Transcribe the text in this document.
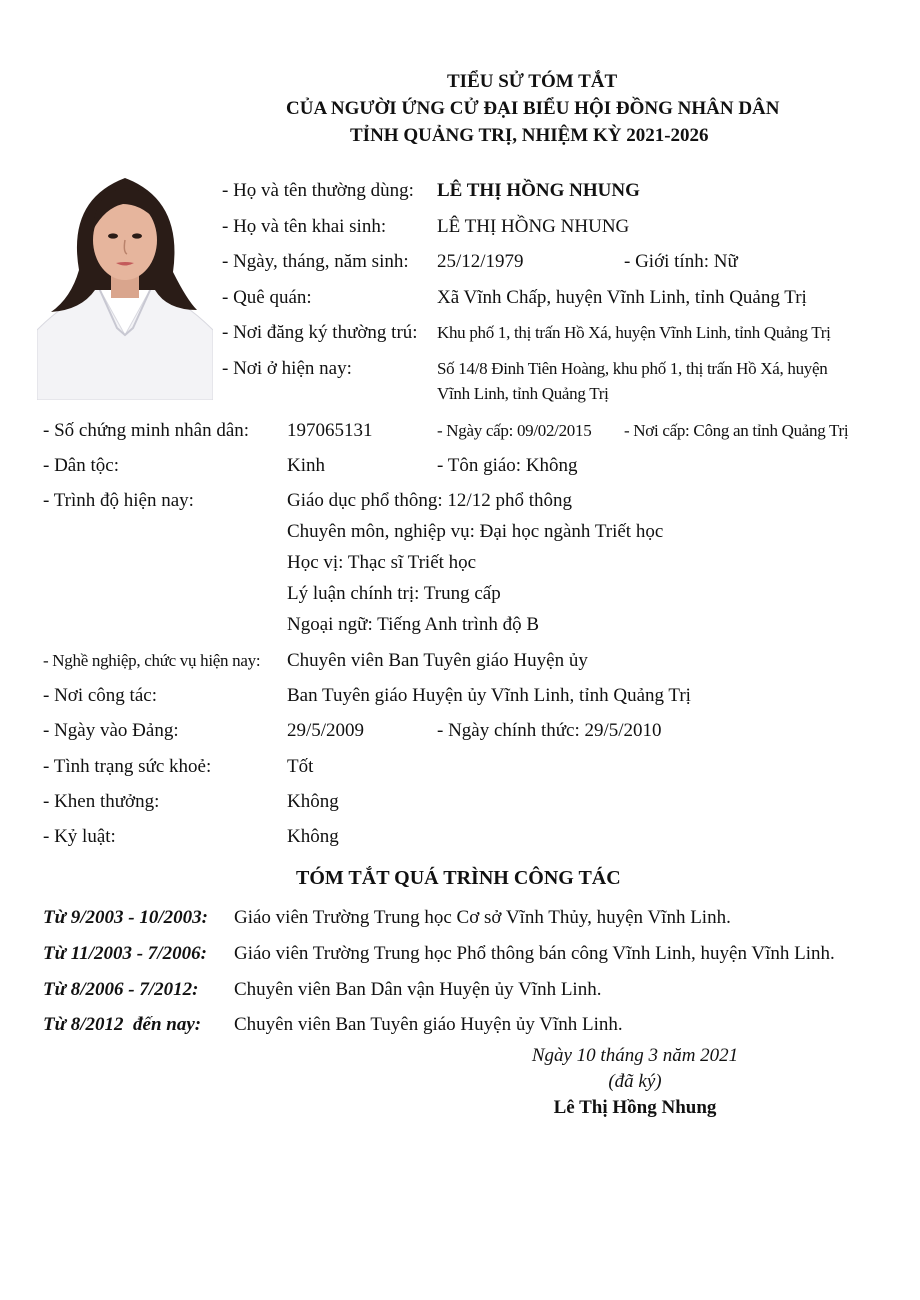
TIỂU SỬ TÓM TẮT
CỦA NGƯỜI ỨNG CỬ ĐẠI BIỂU HỘI ĐỒNG NHÂN DÂN
TỈNH QUẢNG TRỊ, NHIỆM KỲ 2021-2026
- Họ và tên thường dùng: LÊ THỊ HỒNG NHUNG
- Họ và tên khai sinh:	LÊ THỊ HỒNG NHUNG
- Ngày, tháng, năm sinh: 25/12/1979	- Giới tính: Nữ
- Quê quán:	Xã Vĩnh Chấp, huyện Vĩnh Linh, tỉnh Quảng Trị
- Nơi đăng ký thường trú: Khu phố 1, thị trấn Hồ Xá, huyện Vĩnh Linh, tỉnh Quảng Trị
- Nơi ở hiện nay:	Số 14/8 Đinh Tiên Hoàng, khu phố 1, thị trấn Hồ Xá, huyện
Vĩnh Linh, tỉnh Quảng Trị
- Số chứng minh nhân dân: 197065131	- Ngày cấp: 09/02/2015 - Nơi cấp: Công an tỉnh Quảng Trị
- Dân tộc:	Kinh	- Tôn giáo: Không
- Trình độ hiện nay:	Giáo dục phổ thông: 12/12 phổ thông
Chuyên môn, nghiệp vụ: Đại học ngành Triết học
Học vị: Thạc sĩ Triết học
Lý luận chính trị: Trung cấp
Ngoại ngữ: Tiếng Anh trình độ B
- Nghề nghiệp, chức vụ hiện nay: Chuyên viên Ban Tuyên giáo Huyện ủy
- Nơi công tác:	Ban Tuyên giáo Huyện ủy Vĩnh Linh, tỉnh Quảng Trị
- Ngày vào Đảng:	29/5/2009	- Ngày chính thức: 29/5/2010
- Tình trạng sức khoẻ:	Tốt
- Khen thưởng:	Không
- Kỷ luật:	Không
TÓM TẮT QUÁ TRÌNH CÔNG TÁC
Từ 9/2003 - 10/2003: Giáo viên Trường Trung học Cơ sở Vĩnh Thủy, huyện Vĩnh Linh.
Từ 11/2003 - 7/2006: Giáo viên Trường Trung học Phổ thông bán công Vĩnh Linh, huyện Vĩnh Linh.
Từ 8/2006 - 7/2012: Chuyên viên Ban Dân vận Huyện ủy Vĩnh Linh.
Từ 8/2012  đến nay: Chuyên viên Ban Tuyên giáo Huyện ủy Vĩnh Linh.
Ngày 10 tháng 3 năm 2021
(đã ký)
Lê Thị Hồng Nhung
